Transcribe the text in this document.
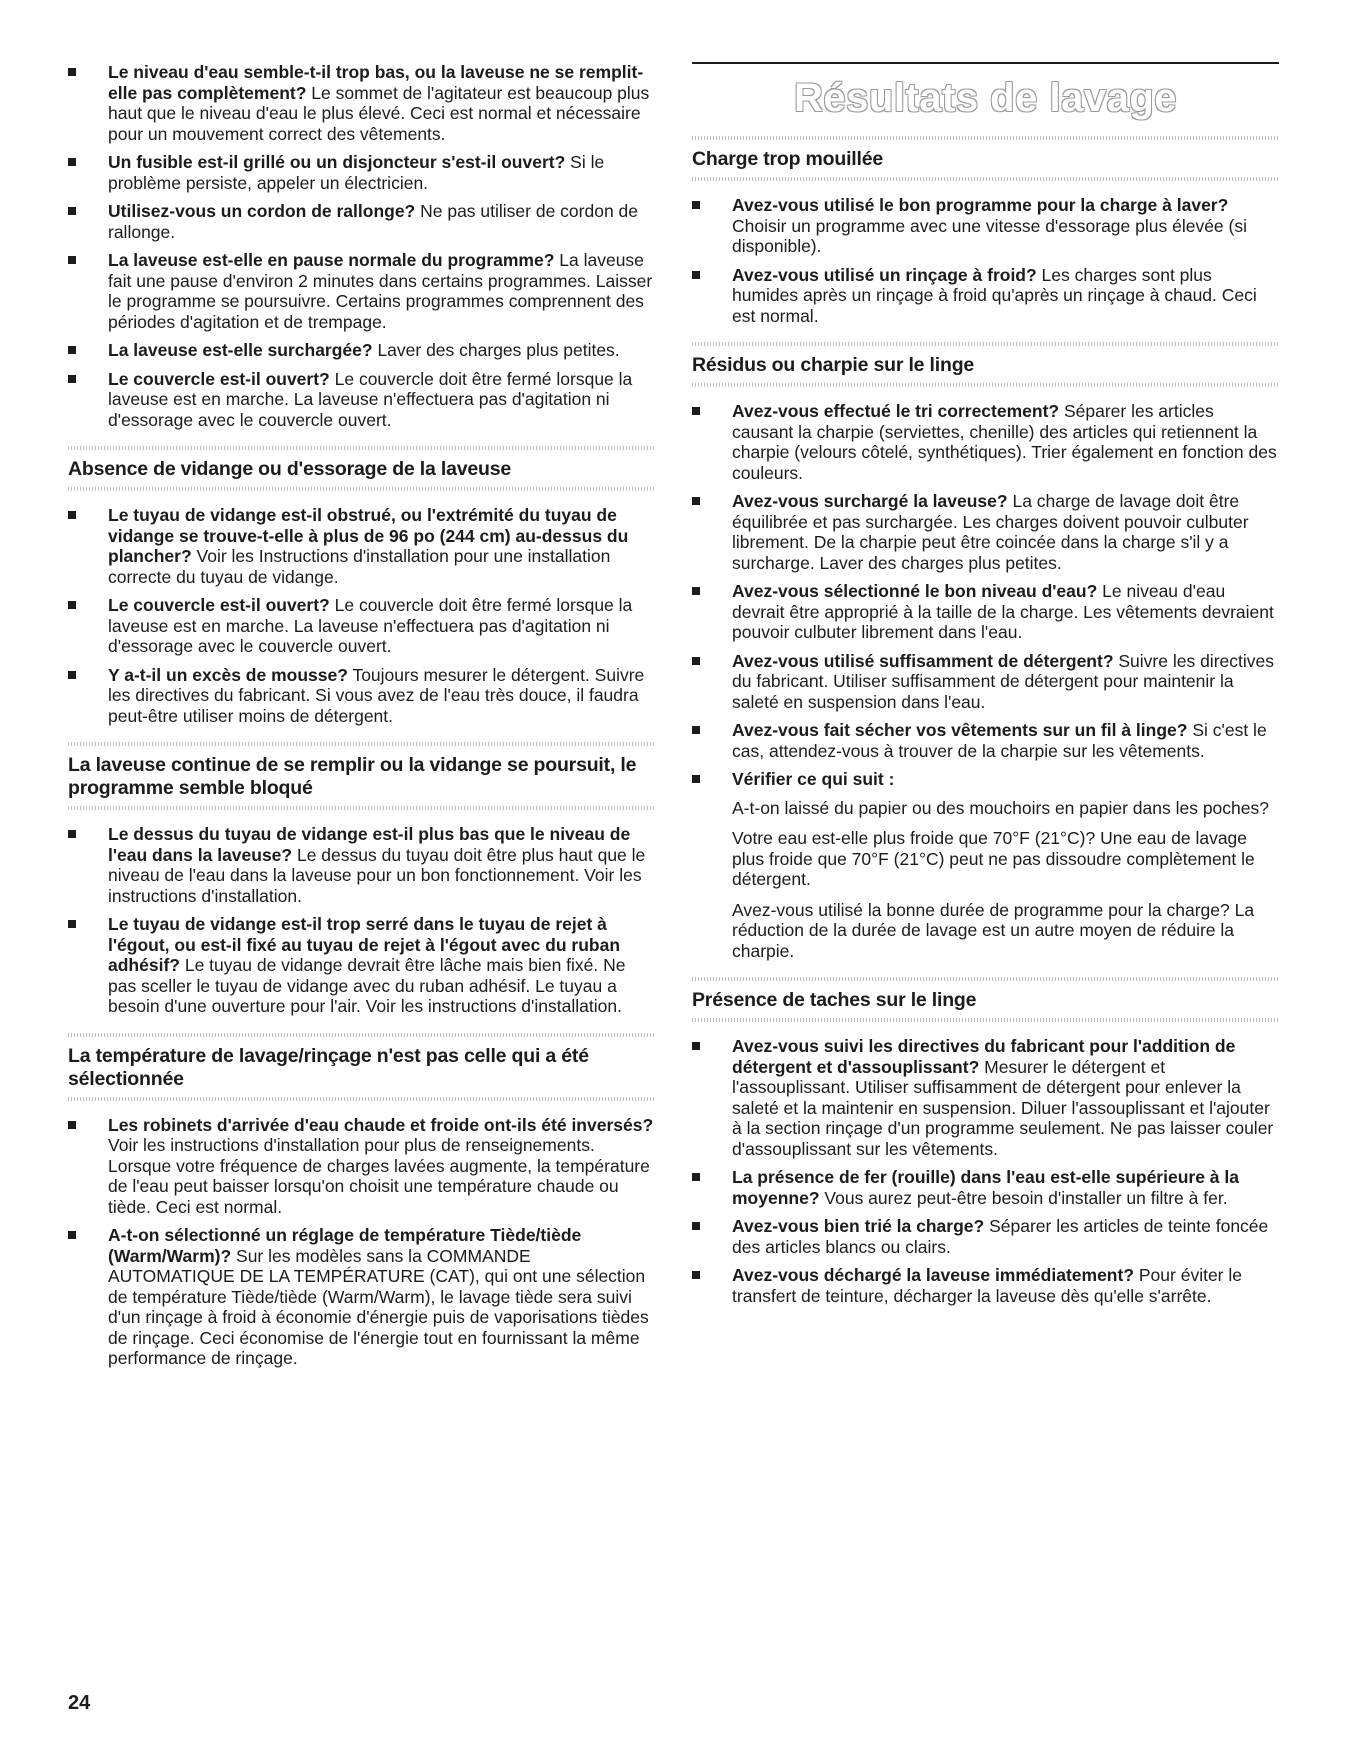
Le niveau d'eau semble-t-il trop bas, ou la laveuse ne se remplit-elle pas complètement? Le sommet de l'agitateur est beaucoup plus haut que le niveau d'eau le plus élevé. Ceci est normal et nécessaire pour un mouvement correct des vêtements.
Un fusible est-il grillé ou un disjoncteur s'est-il ouvert? Si le problème persiste, appeler un électricien.
Utilisez-vous un cordon de rallonge? Ne pas utiliser de cordon de rallonge.
La laveuse est-elle en pause normale du programme? La laveuse fait une pause d'environ 2 minutes dans certains programmes. Laisser le programme se poursuivre. Certains programmes comprennent des périodes d'agitation et de trempage.
La laveuse est-elle surchargée? Laver des charges plus petites.
Le couvercle est-il ouvert? Le couvercle doit être fermé lorsque la laveuse est en marche. La laveuse n'effectuera pas d'agitation ni d'essorage avec le couvercle ouvert.
Absence de vidange ou d'essorage de la laveuse
Le tuyau de vidange est-il obstrué, ou l'extrémité du tuyau de vidange se trouve-t-elle à plus de 96 po (244 cm) au-dessus du plancher? Voir les Instructions d'installation pour une installation correcte du tuyau de vidange.
Le couvercle est-il ouvert? Le couvercle doit être fermé lorsque la laveuse est en marche. La laveuse n'effectuera pas d'agitation ni d'essorage avec le couvercle ouvert.
Y a-t-il un excès de mousse? Toujours mesurer le détergent. Suivre les directives du fabricant. Si vous avez de l'eau très douce, il faudra peut-être utiliser moins de détergent.
La laveuse continue de se remplir ou la vidange se poursuit, le programme semble bloqué
Le dessus du tuyau de vidange est-il plus bas que le niveau de l'eau dans la laveuse? Le dessus du tuyau doit être plus haut que le niveau de l'eau dans la laveuse pour un bon fonctionnement. Voir les instructions d'installation.
Le tuyau de vidange est-il trop serré dans le tuyau de rejet à l'égout, ou est-il fixé au tuyau de rejet à l'égout avec du ruban adhésif? Le tuyau de vidange devrait être lâche mais bien fixé. Ne pas sceller le tuyau de vidange avec du ruban adhésif. Le tuyau a besoin d'une ouverture pour l'air. Voir les instructions d'installation.
La température de lavage/rinçage n'est pas celle qui a été sélectionnée
Les robinets d'arrivée d'eau chaude et froide ont-ils été inversés? Voir les instructions d'installation pour plus de renseignements. Lorsque votre fréquence de charges lavées augmente, la température de l'eau peut baisser lorsqu'on choisit une température chaude ou tiède. Ceci est normal.
A-t-on sélectionné un réglage de température Tiède/tiède (Warm/Warm)? Sur les modèles sans la COMMANDE AUTOMATIQUE DE LA TEMPÉRATURE (CAT), qui ont une sélection de température Tiède/tiède (Warm/Warm), le lavage tiède sera suivi d'un rinçage à froid à économie d'énergie puis de vaporisations tièdes de rinçage. Ceci économise de l'énergie tout en fournissant la même performance de rinçage.
Résultats de lavage
Charge trop mouillée
Avez-vous utilisé le bon programme pour la charge à laver? Choisir un programme avec une vitesse d'essorage plus élevée (si disponible).
Avez-vous utilisé un rinçage à froid? Les charges sont plus humides après un rinçage à froid qu'après un rinçage à chaud. Ceci est normal.
Résidus ou charpie sur le linge
Avez-vous effectué le tri correctement? Séparer les articles causant la charpie (serviettes, chenille) des articles qui retiennent la charpie (velours côtelé, synthétiques). Trier également en fonction des couleurs.
Avez-vous surchargé la laveuse? La charge de lavage doit être équilibrée et pas surchargée. Les charges doivent pouvoir culbuter librement. De la charpie peut être coincée dans la charge s'il y a surcharge. Laver des charges plus petites.
Avez-vous sélectionné le bon niveau d'eau? Le niveau d'eau devrait être approprié à la taille de la charge. Les vêtements devraient pouvoir culbuter librement dans l'eau.
Avez-vous utilisé suffisamment de détergent? Suivre les directives du fabricant. Utiliser suffisamment de détergent pour maintenir la saleté en suspension dans l'eau.
Avez-vous fait sécher vos vêtements sur un fil à linge? Si c'est le cas, attendez-vous à trouver de la charpie sur les vêtements.
Vérifier ce qui suit :
A-t-on laissé du papier ou des mouchoirs en papier dans les poches?
Votre eau est-elle plus froide que 70°F (21°C)? Une eau de lavage plus froide que 70°F (21°C) peut ne pas dissoudre complètement le détergent.
Avez-vous utilisé la bonne durée de programme pour la charge? La réduction de la durée de lavage est un autre moyen de réduire la charpie.
Présence de taches sur le linge
Avez-vous suivi les directives du fabricant pour l'addition de détergent et d'assouplissant? Mesurer le détergent et l'assouplissant. Utiliser suffisamment de détergent pour enlever la saleté et la maintenir en suspension. Diluer l'assouplissant et l'ajouter à la section rinçage d'un programme seulement. Ne pas laisser couler d'assouplissant sur les vêtements.
La présence de fer (rouille) dans l'eau est-elle supérieure à la moyenne? Vous aurez peut-être besoin d'installer un filtre à fer.
Avez-vous bien trié la charge? Séparer les articles de teinte foncée des articles blancs ou clairs.
Avez-vous déchargé la laveuse immédiatement? Pour éviter le transfert de teinture, décharger la laveuse dès qu'elle s'arrête.
24
